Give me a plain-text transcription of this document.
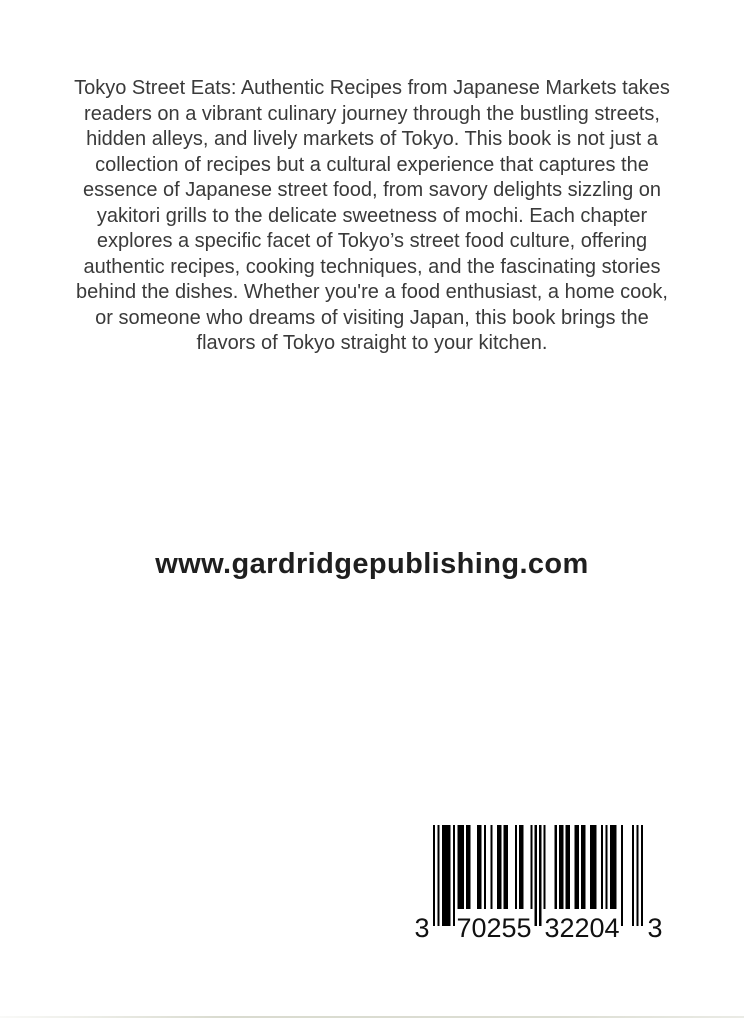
Tokyo Street Eats: Authentic Recipes from Japanese Markets takes readers on a vibrant culinary journey through the bustling streets, hidden alleys, and lively markets of Tokyo. This book is not just a collection of recipes but a cultural experience that captures the essence of Japanese street food, from savory delights sizzling on yakitori grills to the delicate sweetness of mochi. Each chapter explores a specific facet of Tokyo’s street food culture, offering authentic recipes, cooking techniques, and the fascinating stories behind the dishes. Whether you're a food enthusiast, a home cook, or someone who dreams of visiting Japan, this book brings the flavors of Tokyo straight to your kitchen.

www.gardridgepublishing.com
3 70255 32204 3
